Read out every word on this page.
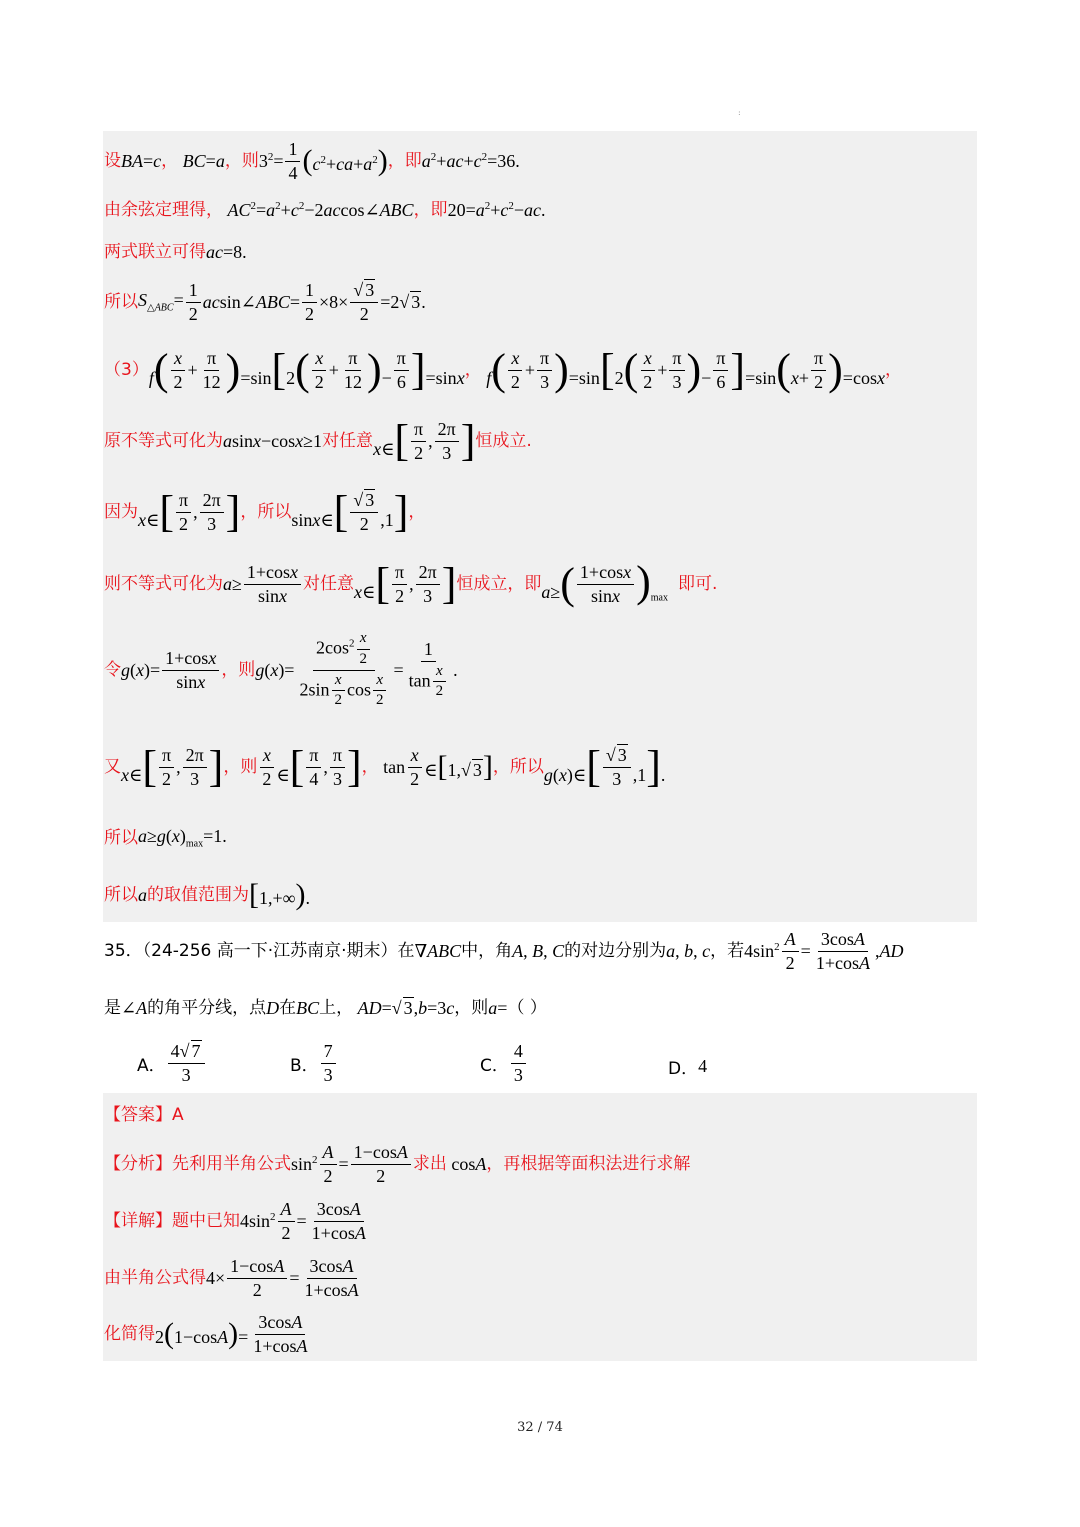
:
设 BA=c ， BC=a ，则 $3^2= \frac{1}{4} (c^2+ca+a^2)$ ，即 $a^2+ac+c^2=36$.
由余弦定理得， $AC^2=a^2+c^2-2accos\angle ABC$ ，即 $20=a^2+c^2-ac$.
两式联立可得 ac=8.
所以 $S_{\triangle ABC}= \frac{1}{2}$ acsin∠ABC= $\frac{1}{2} \times 8\times \frac{√ 3}{2} =2√$ 3.
（3） $f( \frac{x}{2} + \frac{\pi}{12} )=\sin[2( \frac{x}{2} + \frac{\pi}{12}$ )− $\frac{\pi}{6} ]=\sin x$ ， $f( \frac{x}{2} + \frac{\pi}{3} )=\sin[2( \frac{x}{2} + \frac{\pi}{3}$ )− $\frac{\pi}{6} ]=\sin(x+ \frac{\pi}{2} )=\cos x$ ，
原不等式可化为 asinx−cosx≥1 对任意 x∈[ $\frac{\pi}{2}$ , $\frac{2\pi}{3}$ ] 恒成立.
因为 x∈[ $\frac{\pi}{2}$ , $\frac{2\pi}{3}$ ] ，所以 sinx∈[ $\frac{√ 3}{2} ,1$] ，
则不等式可化为 $a\ge \frac{1+\cos x}{\sin x}$ 对任意 x∈[ $\frac{\pi}{2}$ , $\frac{2\pi}{3}$ ] 恒成立，即 $a\ge( \frac{1+\cos x}{\sin x} )_{max}$
即可.
令 $g(x)= \frac{1+\cos x}{\sin x}$ ，则 $g(x)= \frac{2\cos^2 \frac{x}{2}}{2\sin \frac{x}{2} \cos \frac{x}{2}} = \frac{1}{\tan \frac{x}{2}}$ .
又 x∈[ $\frac{\pi}{2}$ , $\frac{2\pi}{3}$ ] ，则 $\frac{x}{2}$ ∈[ $\frac{\pi}{4}$ , $\frac{\pi}{3}$ ] ， $\tan \frac{x}{2}$ ∈[1,√ 3] ，所以 g(x)∈[ $\frac{√ 3}{3} ,1$].
所以 $a\ge g(x)_{max}=1$.
所以 a 的取值范围为 [1,+∞).
35．（24-256 高一下·江苏南京·期末）在 ∇ABC 中，角 A, B, C 的对边分别为 a, b, c ，若 $4\sin^2 \frac{A}{2} = \frac{3\cos A}{1+\cos A} ,AD$
是 ∠A 的角平分线，点 D 在 BC 上， AD=√ 3,b=3c ，则 a= （ ）
A． $\frac{4√ 7}{3}$	B． $\frac{7}{3}$	C． $\frac{4}{3}$	D． 4
【答案】 A
【分析】 先利用半角公式 $\sin^2 \frac{A}{2} = \frac{1-\cos A}{2}$ 求出 cosA ，再根据等面积法进行求解
【详解】 题中已知 $4\sin^2 \frac{A}{2} = \frac{3\cos A}{1+\cos A}$
由半角公式得 $4\times \frac{1-\cos A}{2} = \frac{3\cos A}{1+\cos A}$
化简得 $2(1-\cos A)= \frac{3\cos A}{1+\cos A}$
32 / 74
